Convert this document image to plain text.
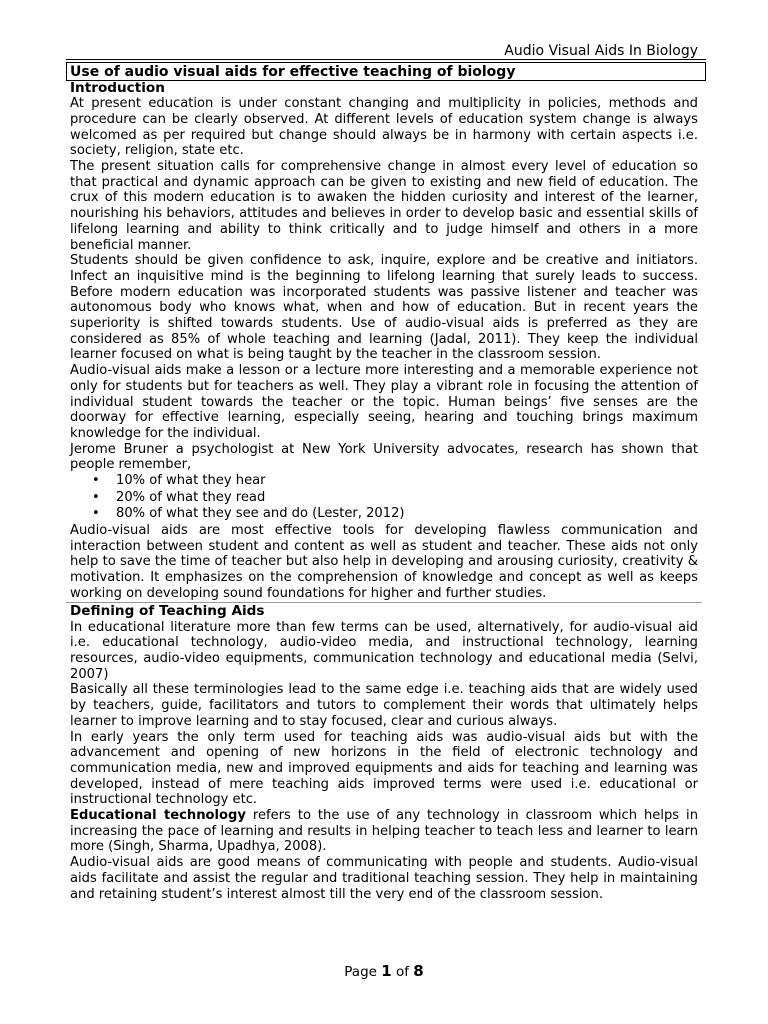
Audio Visual Aids In Biology
Use of audio visual aids for effective teaching of biology
Introduction

At present education is under constant changing and multiplicity in policies, methods and procedure can be clearly observed. At different levels of education system change is always welcomed as per required but change should always be in harmony with certain aspects i.e. society, religion, state etc.

The present situation calls for comprehensive change in almost every level of education so that practical and dynamic approach can be given to existing and new field of education. The crux of this modern education is to awaken the hidden curiosity and interest of the learner, nourishing his behaviors, attitudes and believes in order to develop basic and essential skills of lifelong learning and ability to think critically and to judge himself and others in a more beneficial manner.

Students should be given confidence to ask, inquire, explore and be creative and initiators. Infect an inquisitive mind is the beginning to lifelong learning that surely leads to success. Before modern education was incorporated students was passive listener and teacher was autonomous body who knows what, when and how of education. But in recent years the superiority is shifted towards students. Use of audio-visual aids is preferred as they are considered as 85% of whole teaching and learning (Jadal, 2011). They keep the individual learner focused on what is being taught by the teacher in the classroom session.

Audio-visual aids make a lesson or a lecture more interesting and a memorable experience not only for students but for teachers as well. They play a vibrant role in focusing the attention of individual student towards the teacher or the topic. Human beings’ five senses are the doorway for effective learning, especially seeing, hearing and touching brings maximum knowledge for the individual.

Jerome Bruner a psychologist at New York University advocates, research has shown that people remember,

• 10% of what they hear
• 20% of what they read
• 80% of what they see and do (Lester, 2012)

Audio-visual aids are most effective tools for developing flawless communication and interaction between student and content as well as student and teacher. These aids not only help to save the time of teacher but also help in developing and arousing curiosity, creativity & motivation. It emphasizes on the comprehension of knowledge and concept as well as keeps working on developing sound foundations for higher and further studies.

Defining of Teaching Aids

In educational literature more than few terms can be used, alternatively, for audio-visual aid i.e. educational technology, audio-video media, and instructional technology, learning resources, audio-video equipments, communication technology and educational media (Selvi, 2007)

Basically all these terminologies lead to the same edge i.e. teaching aids that are widely used by teachers, guide, facilitators and tutors to complement their words that ultimately helps learner to improve learning and to stay focused, clear and curious always.

In early years the only term used for teaching aids was audio-visual aids but with the advancement and opening of new horizons in the field of electronic technology and communication media, new and improved equipments and aids for teaching and learning was developed, instead of mere teaching aids improved terms were used i.e. educational or instructional technology etc.

Educational technology refers to the use of any technology in classroom which helps in increasing the pace of learning and results in helping teacher to teach less and learner to learn more (Singh, Sharma, Upadhya, 2008).

Audio-visual aids are good means of communicating with people and students. Audio-visual aids facilitate and assist the regular and traditional teaching session. They help in maintaining and retaining student’s interest almost till the very end of the classroom session.

Page 1 of 8
